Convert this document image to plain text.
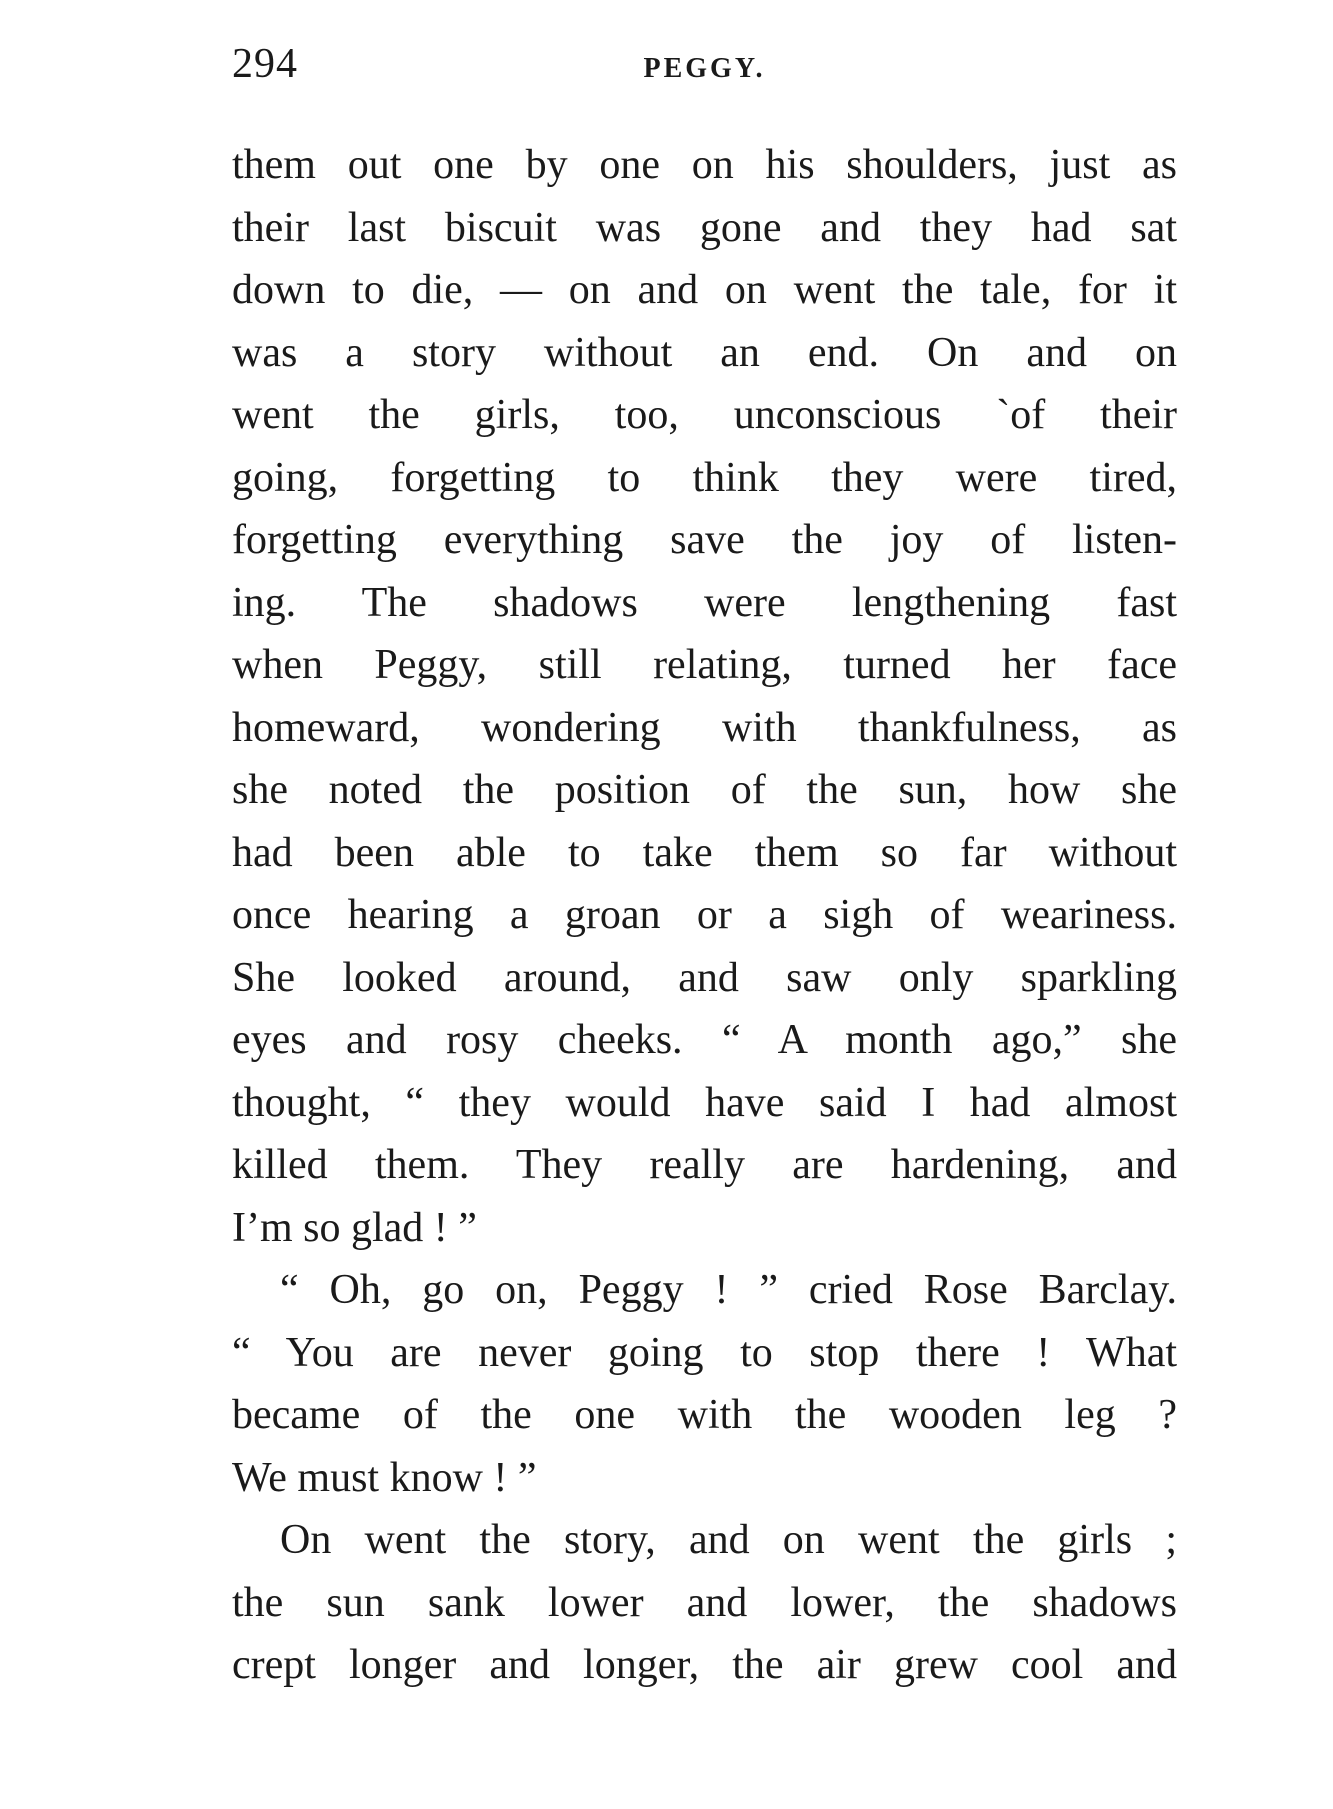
294	PEGGY.
them out one by one on his shoulders, just as
their last biscuit was gone and they had sat
down to die, — on and on went the tale, for it
was a story without an end. On and on
went the girls, too, unconscious `of their
going, forgetting to think they were tired,
forgetting everything save the joy of listen-
ing. The shadows were lengthening fast
when Peggy, still relating, turned her face
homeward, wondering with thankfulness, as
she noted the position of the sun, how she
had been able to take them so far without
once hearing a groan or a sigh of weariness.
She looked around, and saw only sparkling
eyes and rosy cheeks. “ A month ago,” she
thought, “ they would have said I had almost
killed them. They really are hardening, and
I’m so glad ! ”
“ Oh, go on, Peggy ! ” cried Rose Barclay.
“ You are never going to stop there ! What
became of the one with the wooden leg ?
We must know ! ”
On went the story, and on went the girls ;
the sun sank lower and lower, the shadows
crept longer and longer, the air grew cool and
